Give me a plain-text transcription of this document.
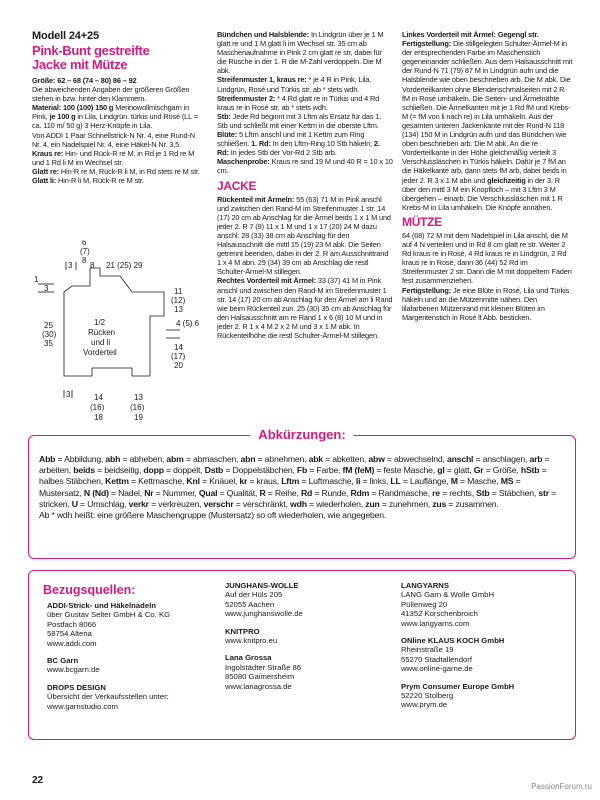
Modell 24+25
Pink-Bunt gestreifte
Jacke mit Mütze

Größe: 62 – 68 (74 – 80) 86 – 92
Die abweichenden Angaben der größeren Größen stehen in bzw. hinter den Klammern.

Material: 100 (100) 150 g Merinowollmischgarn in Pink, je 100 g in Lila, Lindgrün. türkis und Rosé (LL = ca. 110 m/ 50 g) 3 Herz-Knöpfe in Lila.
Von ADDI 1 Paar Schnellstrick-N Nr. 4, eine Rund-N Nr. 4, ein Nadelspiel Nr. 4, eine Häkel-N Nr. 3,5.

Kraus re: Hin- und Rück-R re M, in Rd je 1 Rd re M und 1 Rd li M im Wechsel str.

Glatt re: Hin-R re M, Rück-R li M, in Rd stets re M str.

Glatt li: Hin-R li M, Rück-R re M str.

6
(7)
8
3 8 21 (25) 29
1
3	11
(12)
13
4 (5) 6
25
(30)
35
1/2
Rücken
und li
Vorderteil
14
(17)
20
3	14
(16)
18
13
(16)
19

Bündchen und Halsblende: In Lindgrün über je 1 M glatt re und 1 M glatt li im Wechsel str. 35 cm ab Maschenaufnahme in Pink 2 cm glatt re str, dabei für die Rüsche in der 1. R die M-Zahl verdoppeln. Die M abk.

Streifenmuster 1, kraus re: * je 4 R in Pink, Lila, Lindgrün, Rosé und Türkis str, ab * stets wdh.

Streifenmuster 2: * 4 Rd glatt re in Türkis und 4 Rd kraus re in Rosé str, ab * stets wdh.

Stb: Jede Rd beginnt mit 3 Lftm als Ersatz für das 1. Stb und schließt mit einer Kettm in die oberste Lftm.

Blüte: 5 Lftm anschl und mit 1 Kettm zum Ring schließen. 1. Rd: In den Lftm-Ring 10 Stb häkeln; 2. Rd: In jedes Stb der Vor-Rd 2 Stb arb.

Maschenprobe: Kraus re sind 19 M und 40 R = 10 x 10 cm.

JACKE

Rückenteil mit Ärmeln: 55 (63) 71 M in Pink anschl und zwischen den Rand-M im Streifenmuster 1 str. 14 (17) 20 cm ab Anschlag für die Ärmel beids 1 x 1 M und jeder 2. R 7 (9) 11 x 1 M und 1 x 17 (20) 24 M dazu anschl. 28 (33) 38 cm ab Anschlag für den Halsausschnitt die mittl 15 (19) 23 M abk. Die Seiten getrennt beenden, dabei in der 2. R am Ausschnittrand 1 x 4 M abn. 29 (34) 39 cm ab Anschlag die restl Schulter-Ärmel-M stillegen.

Rechtes Vorderteil mit Ärmel: 33 (37) 41 M in Pink anschl und zwischen den Rand-M im Streifenmuster 1 str. 14 (17) 20 cm ab Anschlag für den Ärmel am li Rand wie beim Rückenteil zun. 25 (30) 35 cm ab Anschlag für den Halsausschnitt am re Rand 1 x 6 (8) 10 M und in jeder 2. R 1 x 4 M 2 x 2 M und 3 x 1 M abk. In Rückenteilhöhe die restl Schulter-Ärmel-M stillegen.

Linkes Vorderteil mit Ärmel: Gegengl str.

Fertigstellung: Die stillgelegten Schulter-Ärmel-M in der entsprechenden Farbe im Maschenstich gegeneinander schließen. Aus dem Halsausschnitt mit der Rund-N 71 (79) 87 M in Lindgrün aufn und die Halsblende wie oben beschrieben arb. Die M abk. Die Vorderteilkanten ohne Blendenschmalseiten mit 2 R fM in Rosé umhäkeln. Die Seiten- und Ärmelnähte schließen. Die Ärmelkanten mit je 1 Rd fM und Krebs-M (= fM von li nach re) in Lila umhäkeln. Aus der gesamten unteren Jackenkante mit der Rund-N 118 (134) 150 M in Lindgrün aufn und das Bündchen wie oben beschrieben arb. Die M abk. An die re Vorderteilkante in der Höhe gleichmäßig verteilt 3 Verschlussläschen in Türkis häkeln. Dafür je 7 fM an die Häkelkante arb, dann stets fM arb, dabei beids in jeder 2. R 3 x 1 M abn und gleichzeitig in der 3. R über den mittl 3 M ein Knopfloch – mit 3 Lftm 3 M übergehen – einarb. Die Verschlussläschen mit 1 R Krebs-M in Lila umhäkeln. Die Knöpfe annähen.

MÜTZE

64 (68) 72 M mit dem Nadelspiel in Lila anschl, die M auf 4 N verteilen und in Rd 8 cm glatt re str. Weiter 2 Rd kraus re in Rosé, 4 Rd kraus re in Lindgrün, 2 Rd kraus re in Rosé, dann 36 (44) 52 Rd im Streifenmuster 2 str. Dann die M mit doppeltem Faden fest zusammenziehen.

Fertigstellung: Je eine Blüte in Rosé, Lila und Türkis häkeln und an die Mützenmitte nähen. Den lilafarbenen Mützenrand mit kleinen Blüten im Margeritenstich in Rosé lt Abb. besticken.

Abkürzungen:
Abb = Abbildung, abh = abheben, abm = abmaschen, abn = abnehmen, abk = abketten, abw = abwechselnd, anschl = anschlagen, arb = arbeiten, beids = beidseitig, dopp = doppelt, Dstb = Doppelstäbchen, Fb = Farbe, fM (feM) = feste Masche, gl = glatt, Gr = Größe, hStb = halbes Stäbchen, Kettm = Kettmasche, Knl = Knäuel, kr = kraus, Lftm = Luftmasche, li = links, LL = Lauflänge, M = Masche, MS = Mustersatz, N (Nd) = Nadel, Nr = Nummer, Qual = Qualität, R = Reihe, Rd = Runde, Rdm = Randmasche, re = rechts, Stb = Stäbchen, str = stricken, U = Umschlag, verkr = verkreuzen, verschr = verschränkt, wdh = wiederholen, zun = zunehmen, zus = zusammen.
Ab * wdh heißt: eine größere Maschengruppe (Mustersatz) so oft wiederholen, wie angegeben.
Bezugsquellen:
ADDI-Strick- und Häkelnadeln
über Gustav Selter GmbH & Co. KG
Postfach 8066
58754 Altena
www.addi.com
BC Garn
www.bcgarn.de
DROPS DESIGN
Übersicht der Verkaufsstellen unter:
www.garnstudio.com
JUNGHANS-WOLLE
Auf der Hüls 205
52055 Aachen
www.junghanswolle.de
KNITPRO
www.knitpro.eu
Lana Grossa
Ingolstädter Straße 86
85080 Gaimersheim
www.lanagrossa.de
LANGYARNS
LANG Garn & Wolle GmbH
Püllenweg 20
41352 Korschenbroich
www.langyarns.com
ONline KLAUS KOCH GmbH
Rheinstraße 19
55270 Stadtallendorf
www.online-garne.de
Prym Consumer Europe GmbH
52220 Stolberg
www.prym.de
22
PassionForum.ru
